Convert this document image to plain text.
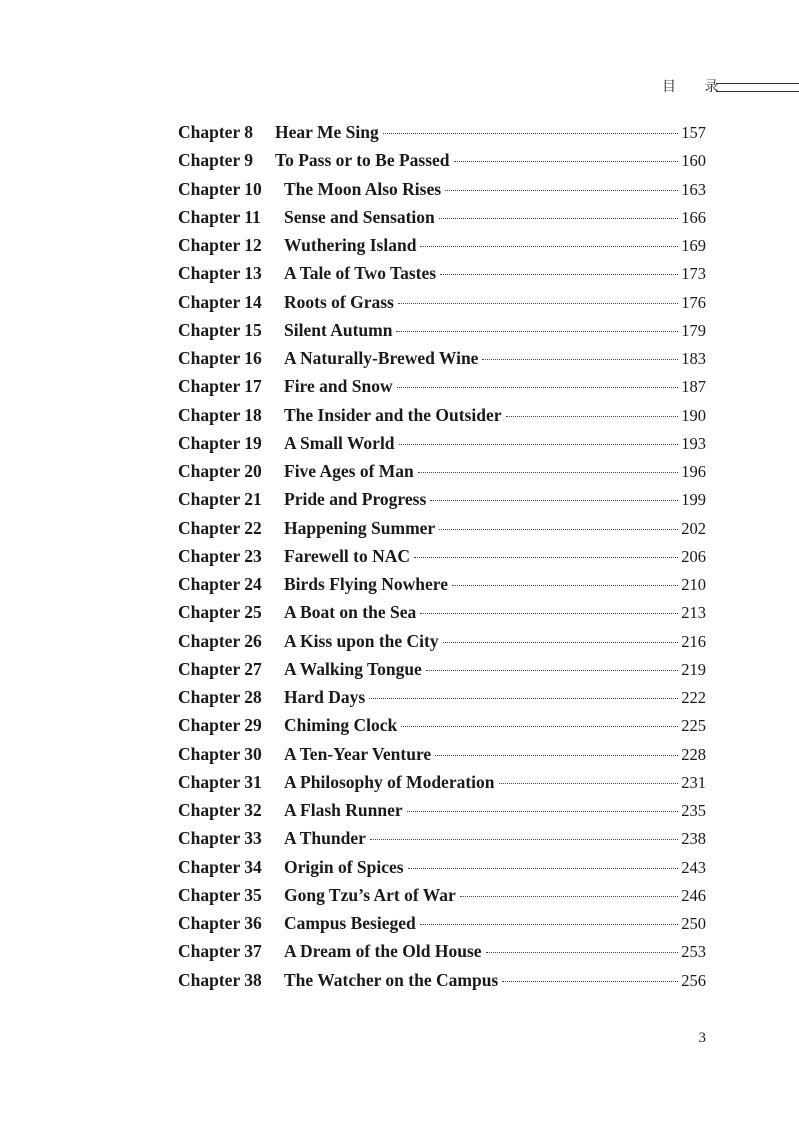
目 录
Chapter 8	Hear Me Sing	157
Chapter 9	To Pass or to Be Passed	160
Chapter 10	The Moon Also Rises	163
Chapter 11	Sense and Sensation	166
Chapter 12	Wuthering Island	169
Chapter 13	A Tale of Two Tastes	173
Chapter 14	Roots of Grass	176
Chapter 15	Silent Autumn	179
Chapter 16	A Naturally-Brewed Wine	183
Chapter 17	Fire and Snow	187
Chapter 18	The Insider and the Outsider	190
Chapter 19	A Small World	193
Chapter 20	Five Ages of Man	196
Chapter 21	Pride and Progress	199
Chapter 22	Happening Summer	202
Chapter 23	Farewell to NAC	206
Chapter 24	Birds Flying Nowhere	210
Chapter 25	A Boat on the Sea	213
Chapter 26	A Kiss upon the City	216
Chapter 27	A Walking Tongue	219
Chapter 28	Hard Days	222
Chapter 29	Chiming Clock	225
Chapter 30	A Ten-Year Venture	228
Chapter 31	A Philosophy of Moderation	231
Chapter 32	A Flash Runner	235
Chapter 33	A Thunder	238
Chapter 34	Origin of Spices	243
Chapter 35	Gong Tzu’s Art of War	246
Chapter 36	Campus Besieged	250
Chapter 37	A Dream of the Old House	253
Chapter 38	The Watcher on the Campus	256
3
